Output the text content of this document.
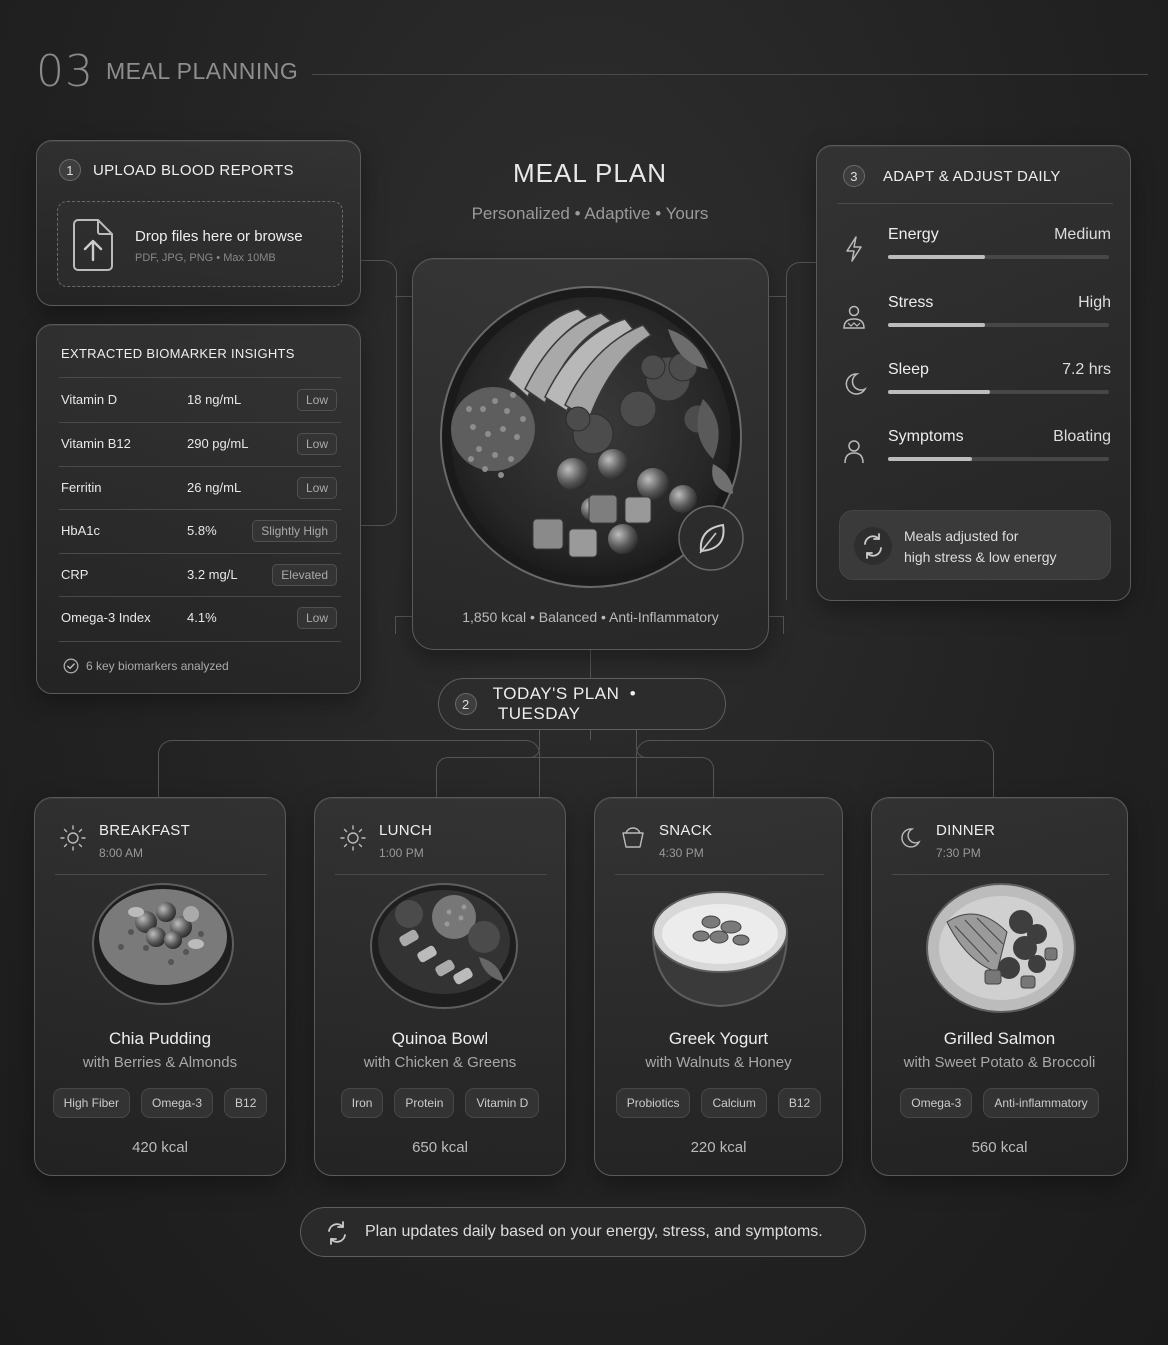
03 MEAL PLANNING
1	UPLOAD BLOOD REPORTS
Drop files here or browse
PDF, JPG, PNG • Max 10MB
EXTRACTED BIOMARKER INSIGHTS
Vitamin D	18 ng/mL	Low
Vitamin B12	290 pg/mL	Low
Ferritin	26 ng/mL	Low
HbA1c	5.8%	Slightly High
CRP	3.2 mg/L	Elevated
Omega-3 Index	4.1%	Low
6 key biomarkers analyzed
MEAL PLAN
Personalized • Adaptive • Yours
1,850 kcal • Balanced • Anti-Inflammatory
3	ADAPT & ADJUST DAILY
Energy	Medium
Stress	High
Sleep	7.2 hrs
Symptoms	Bloating
Meals adjusted for
high stress & low energy
2
TODAY'S PLAN  •  TUESDAY
BREAKFAST
8:00 AM
Chia Pudding
with Berries & Almonds
High Fiber	Omega-3	B12
420 kcal
LUNCH
1:00 PM
Quinoa Bowl
with Chicken & Greens
Iron	Protein	Vitamin D
650 kcal
SNACK
4:30 PM
Greek Yogurt
with Walnuts & Honey
Probiotics	Calcium	B12
220 kcal
DINNER
7:30 PM
Grilled Salmon
with Sweet Potato & Broccoli
Omega-3	Anti-inflammatory
560 kcal
Plan updates daily based on your energy, stress, and symptoms.
